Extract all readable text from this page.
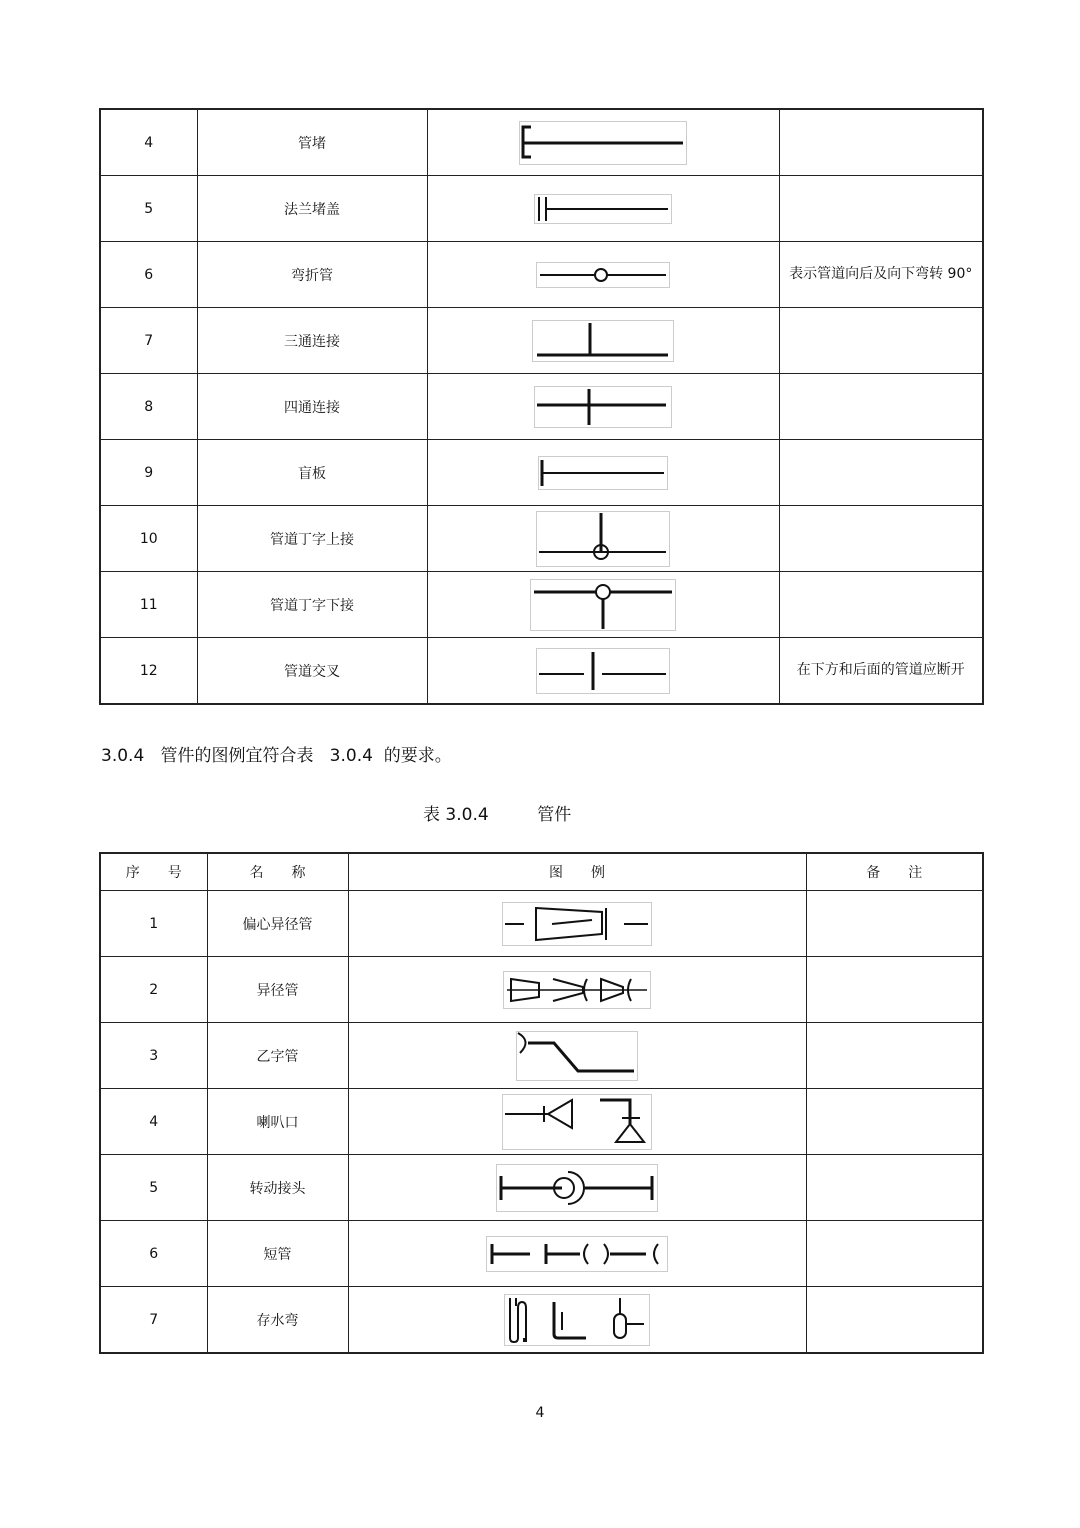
4	管堵	

5	法兰堵盖	

6	弯折管		表示管道向后及向下弯转 90°
7	三通连接	

8	四通连接	

9	盲板	

10	管道丁字上接	

11	管道丁字下接	

12	管道交叉		在下方和后面的管道应断开
3.0.4   管件的图例宜符合表   3.0.4  的要求。
表 3.0.4         管件
序　　号	名　　称	图　　例	备　　注
1	偏心异径管	

2	异径管	

3	乙字管	

4	喇叭口	

5	转动接头	

6	短管	

7	存水弯	

4
